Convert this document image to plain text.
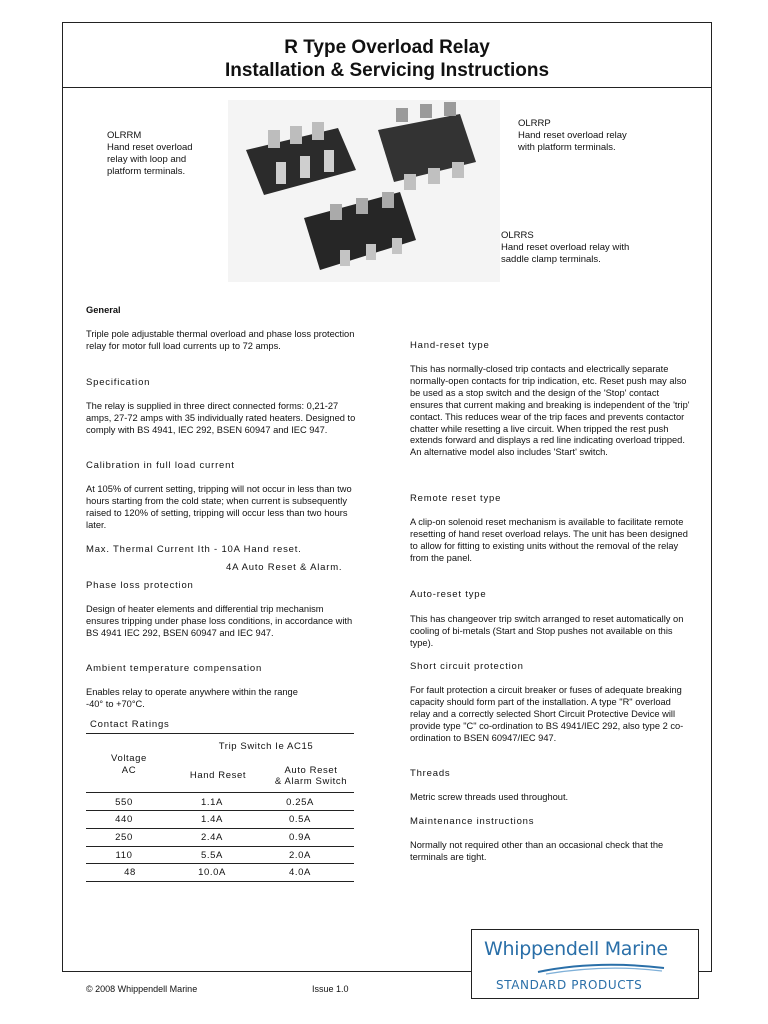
R Type Overload Relay
Installation & Servicing Instructions
OLRRM
Hand reset overload
relay with loop and
platform terminals.
OLRRP
Hand reset overload relay
with platform terminals.
OLRRS
Hand reset overload relay with
saddle clamp terminals.
General
Triple pole adjustable thermal overload and phase loss protection relay for motor full load currents up to 72 amps.
Specification
The relay is supplied in three direct connected forms: 0,21-27 amps, 27-72 amps with 35 individually rated heaters. Designed to comply with BS 4941, IEC 292, BSEN 60947 and IEC 947.
Calibration in full load current
At 105% of current setting, tripping will not occur in less than two hours starting from the cold state; when current is subsequently raised to 120% of setting, tripping will occur less than two hours later.
Max. Thermal Current Ith - 10A Hand reset.
4A Auto Reset & Alarm.
Phase loss protection
Design of heater elements and differential trip mechanism ensures tripping under phase loss conditions, in accordance with BS 4941 IEC 292, BSEN 60947 and IEC 947.
Ambient temperature compensation
Enables relay to operate anywhere within the range
-40° to +70°C.
Contact Ratings
Trip Switch Ie AC15
Voltage
AC	Hand Reset	Auto Reset
& Alarm Switch
550	1.1A	0.25A
440	1.4A	0.5A
250	2.4A	0.9A
110	5.5A	2.0A
48	10.0A	4.0A
Hand-reset type
This has normally-closed trip contacts and electrically separate normally-open contacts for trip indication, etc. Reset push may also be used as a stop switch and the design of the 'Stop' contact ensures that current making and breaking is independent of the 'trip' contact. This reduces wear of the trip faces and prevents contactor chatter while resetting a live circuit. When tripped the rest push extends forward and displays a red line indicating overload tripped. An alternative model also includes 'Start' switch.
Remote reset type
A clip-on solenoid reset mechanism is available to facilitate remote resetting of hand reset overload relays. The unit has been designed to allow for fitting to existing units without the removal of the relay from the panel.
Auto-reset type
This has changeover trip switch arranged to reset automatically on cooling of bi-metals (Start and Stop pushes not available on this type).
Short circuit protection
For fault protection a circuit breaker or fuses of adequate breaking capacity should form part of the installation. A type "R" overload relay and a correctly selected Short Circuit Protective Device will provide type "C" co-ordination to BS 4941/IEC 292, also type 2 co-ordination to BSEN 60947/IEC 947.
Threads
Metric screw threads used throughout.
Maintenance instructions
Normally not required other than an occasional check that the terminals are tight.
Whippendell Marine
STANDARD PRODUCTS
© 2008 Whippendell Marine	Issue 1.0
